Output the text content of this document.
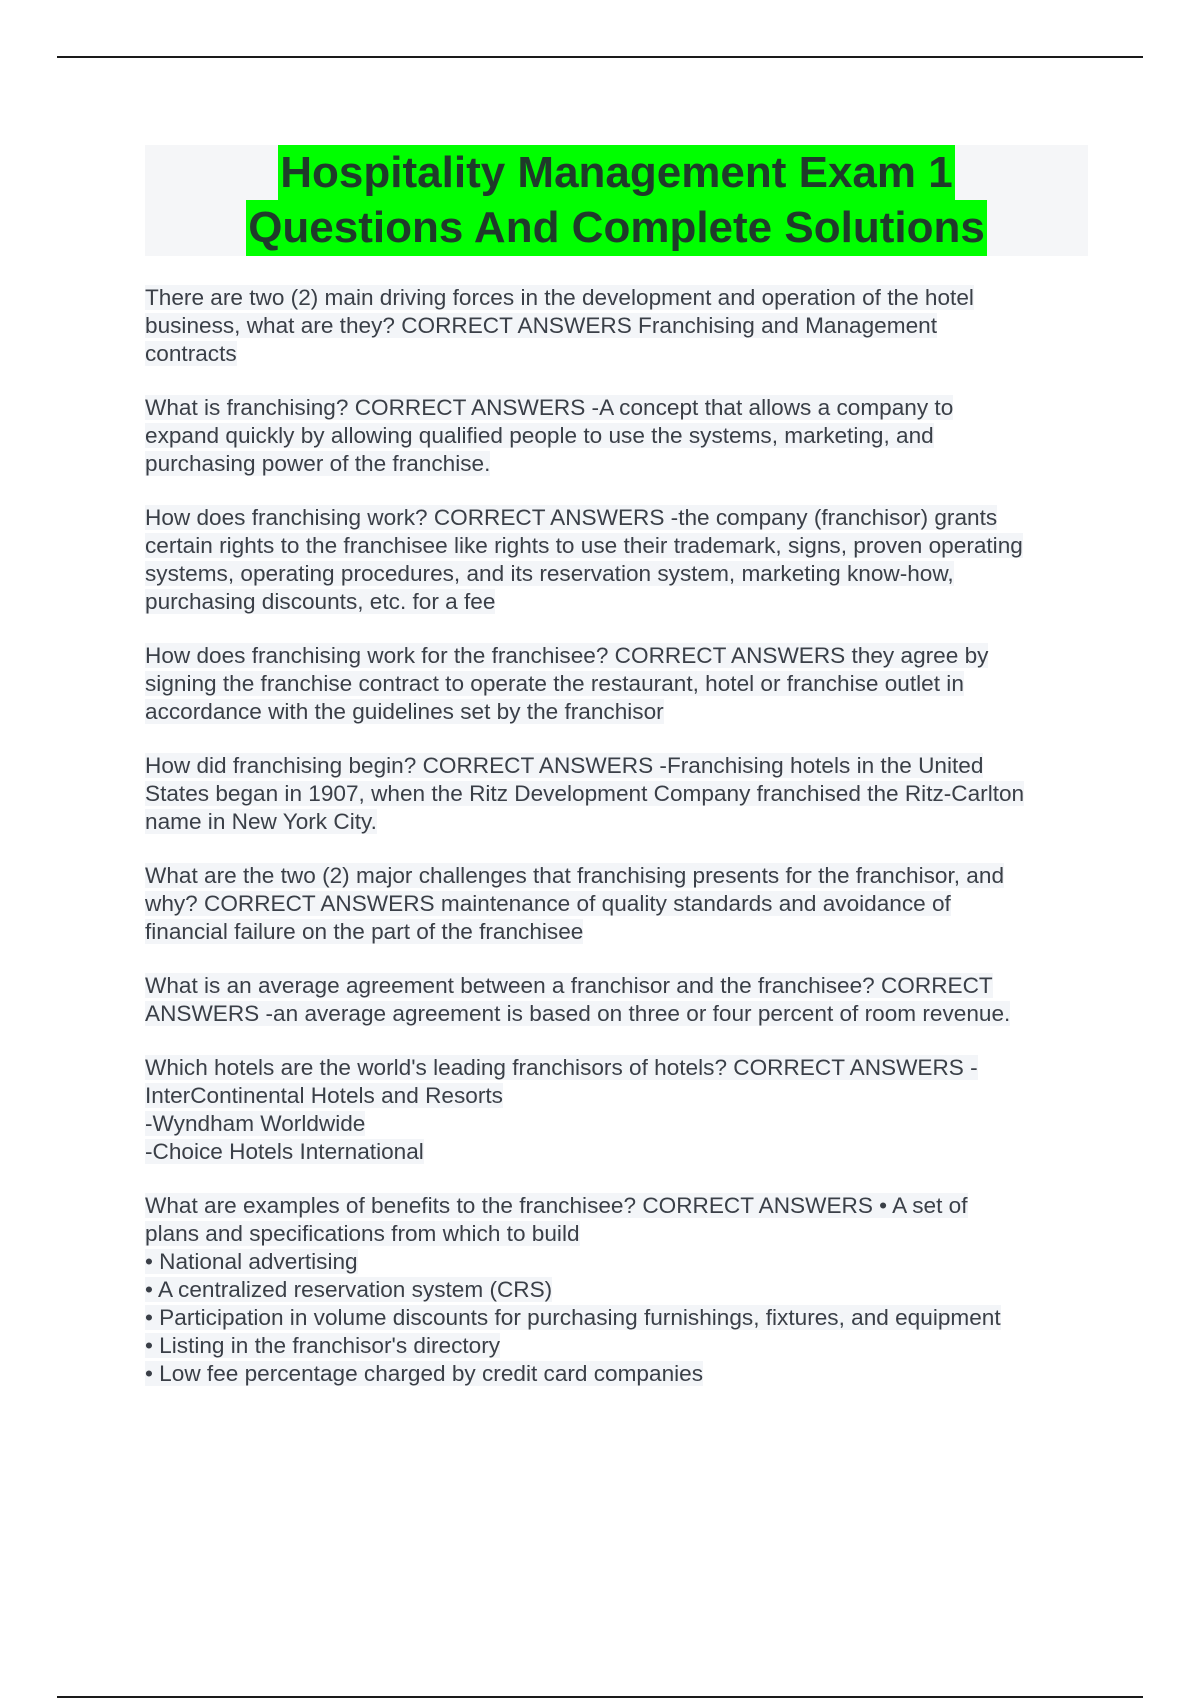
Hospitality Management Exam 1
Questions And Complete Solutions
There are two (2) main driving forces in the development and operation of the hotel
business, what are they? CORRECT ANSWERS Franchising and Management
contracts
What is franchising? CORRECT ANSWERS -A concept that allows a company to
expand quickly by allowing qualified people to use the systems, marketing, and
purchasing power of the franchise.
How does franchising work? CORRECT ANSWERS -the company (franchisor) grants
certain rights to the franchisee like rights to use their trademark, signs, proven operating
systems, operating procedures, and its reservation system, marketing know-how,
purchasing discounts, etc. for a fee
How does franchising work for the franchisee? CORRECT ANSWERS they agree by
signing the franchise contract to operate the restaurant, hotel or franchise outlet in
accordance with the guidelines set by the franchisor
How did franchising begin? CORRECT ANSWERS -Franchising hotels in the United
States began in 1907, when the Ritz Development Company franchised the Ritz-Carlton
name in New York City.
What are the two (2) major challenges that franchising presents for the franchisor, and
why? CORRECT ANSWERS maintenance of quality standards and avoidance of
financial failure on the part of the franchisee
What is an average agreement between a franchisor and the franchisee? CORRECT
ANSWERS -an average agreement is based on three or four percent of room revenue.
Which hotels are the world's leading franchisors of hotels? CORRECT ANSWERS -
InterContinental Hotels and Resorts
-Wyndham Worldwide
-Choice Hotels International
What are examples of benefits to the franchisee? CORRECT ANSWERS • A set of
plans and specifications from which to build
• National advertising
• A centralized reservation system (CRS)
• Participation in volume discounts for purchasing furnishings, fixtures, and equipment
• Listing in the franchisor's directory
• Low fee percentage charged by credit card companies
